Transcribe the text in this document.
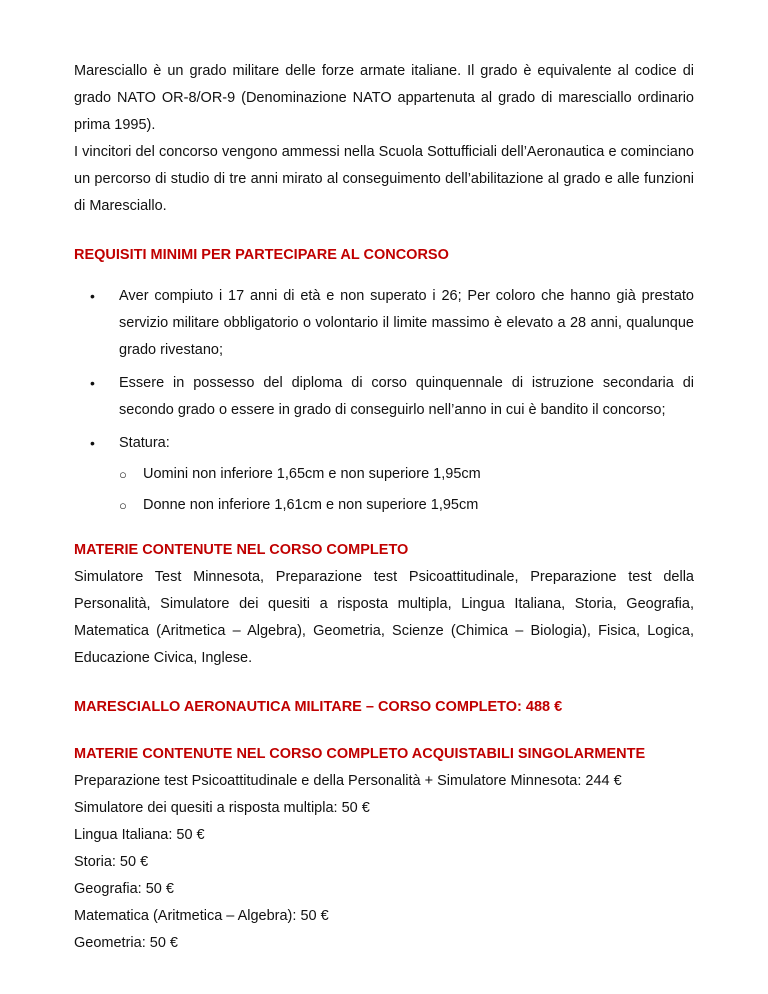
Maresciallo è un grado militare delle forze armate italiane. Il grado è equivalente al codice di grado NATO OR-8/OR-9 (Denominazione NATO appartenuta al grado di maresciallo ordinario prima 1995).

I vincitori del concorso vengono ammessi nella Scuola Sottufficiali dell’Aeronautica e cominciano un percorso di studio di tre anni mirato al conseguimento dell’abilitazione al grado e alle funzioni di Maresciallo.

REQUISITI MINIMI PER PARTECIPARE AL CONCORSO
• Aver compiuto i 17 anni di età e non superato i 26; Per coloro che hanno già prestato servizio militare obbligatorio o volontario il limite massimo è elevato a 28 anni, qualunque grado rivestano;
• Essere in possesso del diploma di corso quinquennale di istruzione secondaria di secondo grado o essere in grado di conseguirlo nell’anno in cui è bandito il concorso;
• Statura:
○ Uomini non inferiore 1,65cm e non superiore 1,95cm
○ Donne non inferiore 1,61cm e non superiore 1,95cm
MATERIE CONTENUTE NEL CORSO COMPLETO

Simulatore Test Minnesota, Preparazione test Psicoattitudinale, Preparazione test della Personalità, Simulatore dei quesiti a risposta multipla, Lingua Italiana, Storia, Geografia, Matematica (Aritmetica – Algebra), Geometria, Scienze (Chimica – Biologia), Fisica, Logica, Educazione Civica, Inglese.

MARESCIALLO AERONAUTICA MILITARE – CORSO COMPLETO: 488 €
MATERIE CONTENUTE NEL CORSO COMPLETO ACQUISTABILI SINGOLARMENTE
Preparazione test Psicoattitudinale e della Personalità + Simulatore Minnesota: 244 €
Simulatore dei quesiti a risposta multipla: 50 €
Lingua Italiana: 50 €
Storia: 50 €
Geografia: 50 €
Matematica (Aritmetica – Algebra): 50 €
Geometria: 50 €
